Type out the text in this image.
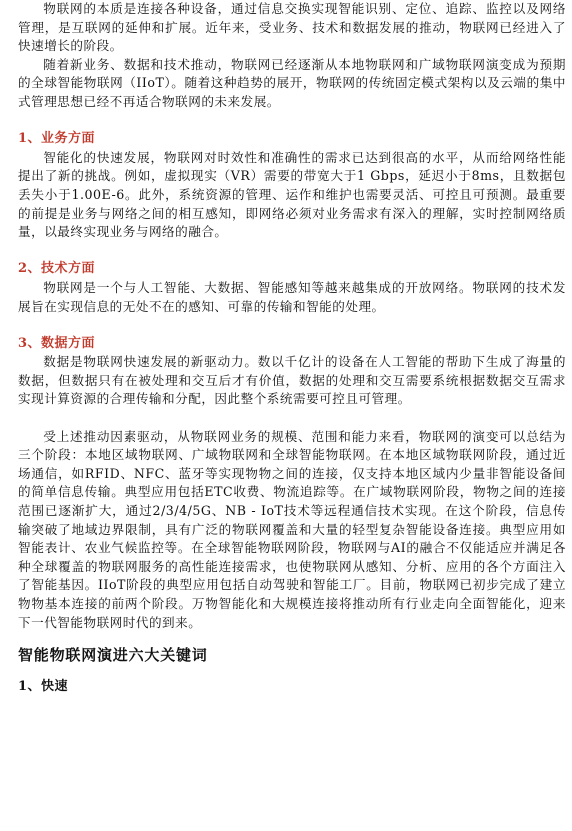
物联网的本质是连接各种设备，通过信息交换实现智能识别、定位、追踪、监控以及网络管理，是互联网的延伸和扩展。近年来，受业务、技术和数据发展的推动，物联网已经进入了快速增长的阶段。

随着新业务、数据和技术推动，物联网已经逐渐从本地物联网和广域物联网演变成为预期的全球智能物联网（IIoT）。随着这种趋势的展开，物联网的传统固定模式架构以及云端的集中式管理思想已经不再适合物联网的未来发展。

1、业务方面

智能化的快速发展，物联网对时效性和准确性的需求已达到很高的水平，从而给网络性能提出了新的挑战。例如，虚拟现实（VR）需要的带宽大于1 Gbps，延迟小于8ms，且数据包丢失小于1.00E-6。此外，系统资源的管理、运作和维护也需要灵活、可控且可预测。最重要的前提是业务与网络之间的相互感知，即网络必须对业务需求有深入的理解，实时控制网络质量，以最终实现业务与网络的融合。

2、技术方面

物联网是一个与人工智能、大数据、智能感知等越来越集成的开放网络。物联网的技术发展旨在实现信息的无处不在的感知、可靠的传输和智能的处理。

3、数据方面

数据是物联网快速发展的新驱动力。数以千亿计的设备在人工智能的帮助下生成了海量的数据，但数据只有在被处理和交互后才有价值，数据的处理和交互需要系统根据数据交互需求实现计算资源的合理传输和分配，因此整个系统需要可控且可管理。

受上述推动因素驱动，从物联网业务的规模、范围和能力来看，物联网的演变可以总结为三个阶段：本地区域物联网、广域物联网和全球智能物联网。在本地区域物联网阶段，通过近场通信，如RFID、NFC、蓝牙等实现物物之间的连接，仅支持本地区域内少量非智能设备间的简单信息传输。典型应用包括ETC收费、物流追踪等。在广域物联网阶段，物物之间的连接范围已逐渐扩大，通过2/3/4/5G、NB - IoT技术等远程通信技术实现。在这个阶段，信息传输突破了地域边界限制，具有广泛的物联网覆盖和大量的轻型复杂智能设备连接。典型应用如智能表计、农业气候监控等。在全球智能物联网阶段，物联网与AI的融合不仅能适应并满足各种全球覆盖的物联网服务的高性能连接需求，也使物联网从感知、分析、应用的各个方面注入了智能基因。IIoT阶段的典型应用包括自动驾驶和智能工厂。目前，物联网已初步完成了建立物物基本连接的前两个阶段。万物智能化和大规模连接将推动所有行业走向全面智能化，迎来下一代智能物联网时代的到来。

智能物联网演进六大关键词
1、快速
